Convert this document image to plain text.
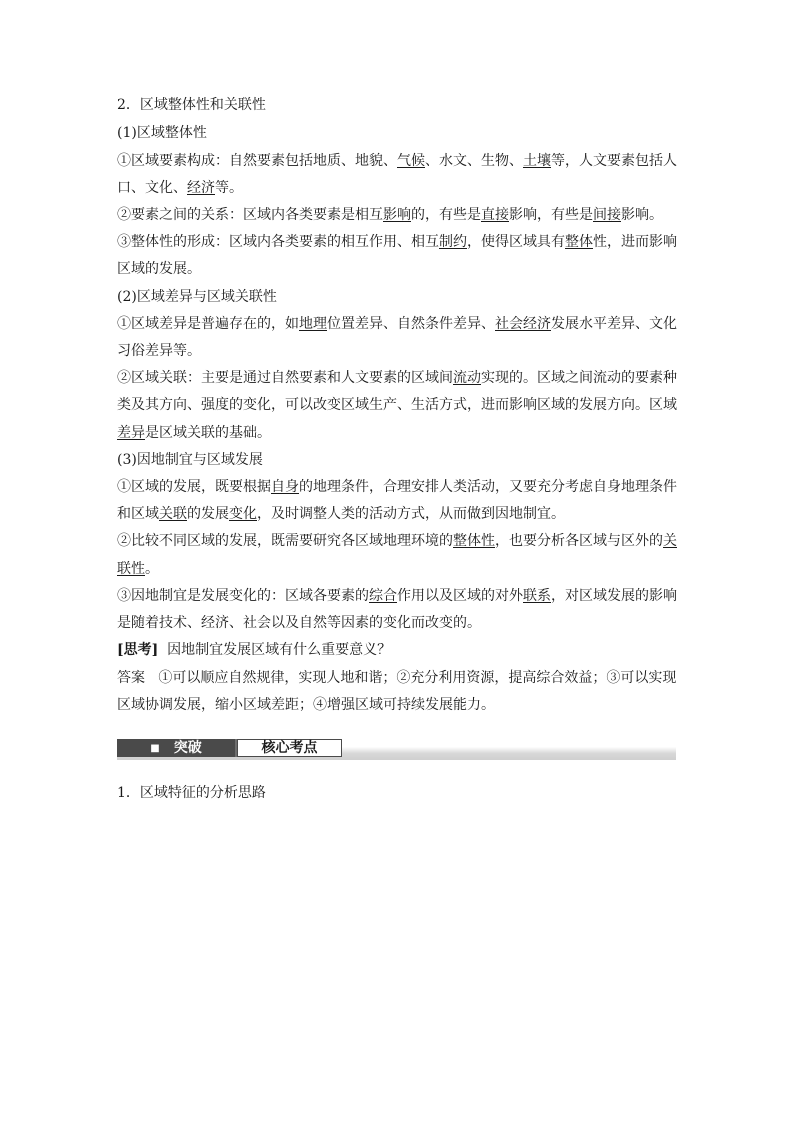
2．区域整体性和关联性
(1)区域整体性
①区域要素构成：自然要素包括地质、地貌、气候、水文、生物、土壤等，人文要素包括人
口、文化、经济等。
②要素之间的关系：区域内各类要素是相互影响的，有些是直接影响，有些是间接影响。
③整体性的形成：区域内各类要素的相互作用、相互制约，使得区域具有整体性，进而影响
区域的发展。
(2)区域差异与区域关联性
①区域差异是普遍存在的，如地理位置差异、自然条件差异、社会经济发展水平差异、文化
习俗差异等。
②区域关联：主要是通过自然要素和人文要素的区域间流动实现的。区域之间流动的要素种
类及其方向、强度的变化，可以改变区域生产、生活方式，进而影响区域的发展方向。区域
差异是区域关联的基础。
(3)因地制宜与区域发展
①区域的发展，既要根据自身的地理条件，合理安排人类活动，又要充分考虑自身地理条件
和区域关联的发展变化，及时调整人类的活动方式，从而做到因地制宜。
②比较不同区域的发展，既需要研究各区域地理环境的整体性，也要分析各区域与区外的关
联性。
③因地制宜是发展变化的：区域各要素的综合作用以及区域的对外联系，对区域发展的影响
是随着技术、经济、社会以及自然等因素的变化而改变的。
[思考] 因地制宜发展区域有什么重要意义？
答案 ①可以顺应自然规律，实现人地和谐；②充分利用资源，提高综合效益；③可以实现
区域协调发展，缩小区域差距；④增强区域可持续发展能力。
■ 突破	核心考点
1．区域特征的分析思路
